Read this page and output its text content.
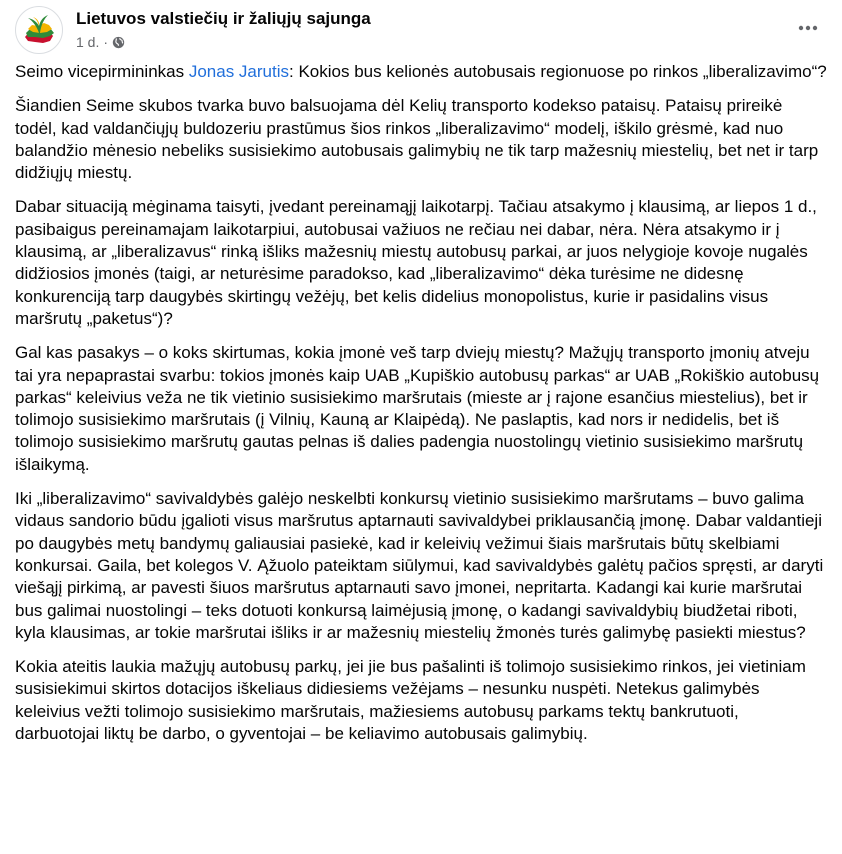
Lietuvos valstiečių ir žaliųjų sajunga
1 d. ·

Seimo vicepirmininkas Jonas Jarutis: Kokios bus kelionės autobusais regionuose po rinkos „liberalizavimo“?

Šiandien Seime skubos tvarka buvo balsuojama dėl Kelių transporto kodekso pataisų. Pataisų prireikė todėl, kad valdančiųjų buldozeriu prastūmus šios rinkos „liberalizavimo“ modelį, iškilo grėsmė, kad nuo balandžio mėnesio nebeliks susisiekimo autobusais galimybių ne tik tarp mažesnių miestelių, bet net ir tarp didžiųjų miestų.

Dabar situaciją mėginama taisyti, įvedant pereinamąjį laikotarpį. Tačiau atsakymo į klausimą, ar liepos 1 d., pasibaigus pereinamajam laikotarpiui, autobusai važiuos ne rečiau nei dabar, nėra. Nėra atsakymo ir į klausimą, ar „liberalizavus“ rinką išliks mažesnių miestų autobusų parkai, ar juos nelygioje kovoje nugalės didžiosios įmonės (taigi, ar neturėsime paradokso, kad „liberalizavimo“ dėka turėsime ne didesnę konkurenciją tarp daugybės skirtingų vežėjų, bet kelis didelius monopolistus, kurie ir pasidalins visus maršrutų „paketus“)?

Gal kas pasakys – o koks skirtumas, kokia įmonė veš tarp dviejų miestų? Mažųjų transporto įmonių atveju tai yra nepaprastai svarbu: tokios įmonės kaip UAB „Kupiškio autobusų parkas“ ar UAB „Rokiškio autobusų parkas“ keleivius veža ne tik vietinio susisiekimo maršrutais (mieste ar į rajone esančius miestelius), bet ir tolimojo susisiekimo maršrutais (į Vilnių, Kauną ar Klaipėdą). Ne paslaptis, kad nors ir nedidelis, bet iš tolimojo susisiekimo maršrutų gautas pelnas iš dalies padengia nuostolingų vietinio susisiekimo maršrutų išlaikymą.

Iki „liberalizavimo“ savivaldybės galėjo neskelbti konkursų vietinio susisiekimo maršrutams – buvo galima vidaus sandorio būdu įgalioti visus maršrutus aptarnauti savivaldybei priklausančią įmonę. Dabar valdantieji po daugybės metų bandymų galiausiai pasiekė, kad ir keleivių vežimui šiais maršrutais būtų skelbiami konkursai. Gaila, bet kolegos V. Ąžuolo pateiktam siūlymui, kad savivaldybės galėtų pačios spręsti, ar daryti viešąjį pirkimą, ar pavesti šiuos maršrutus aptarnauti savo įmonei, nepritarta. Kadangi kai kurie maršrutai bus galimai nuostolingi – teks dotuoti konkursą laimėjusią įmonę, o kadangi savivaldybių biudžetai riboti, kyla klausimas, ar tokie maršrutai išliks ir ar mažesnių miestelių žmonės turės galimybę pasiekti miestus?

Kokia ateitis laukia mažųjų autobusų parkų, jei jie bus pašalinti iš tolimojo susisiekimo rinkos, jei vietiniam susisiekimui skirtos dotacijos iškeliaus didiesiems vežėjams – nesunku nuspėti. Netekus galimybės keleivius vežti tolimojo susisiekimo maršrutais, mažiesiems autobusų parkams tektų bankrutuoti, darbuotojai liktų be darbo, o gyventojai – be keliavimo autobusais galimybių.
